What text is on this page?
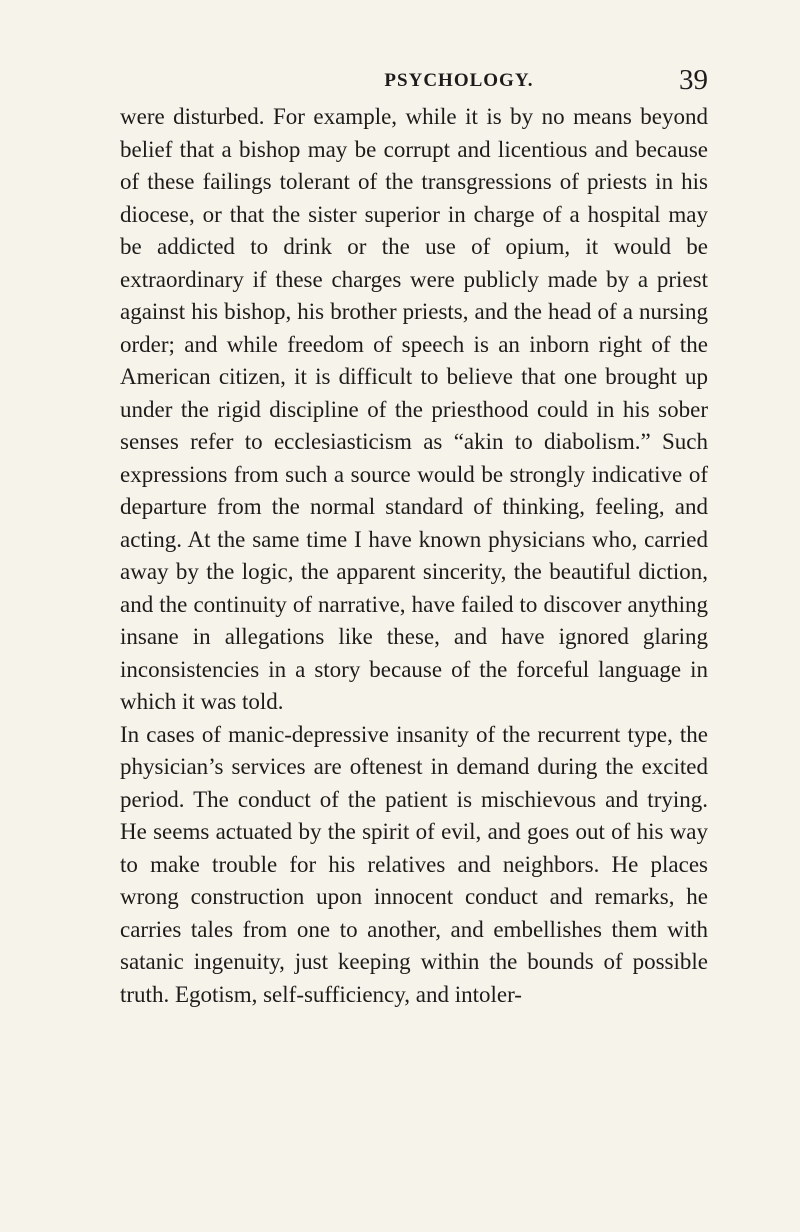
PSYCHOLOGY.	39

were disturbed. For example, while it is by no means beyond belief that a bishop may be corrupt and licentious and because of these failings tolerant of the transgressions of priests in his diocese, or that the sister superior in charge of a hospital may be addicted to drink or the use of opium, it would be extraordinary if these charges were publicly made by a priest against his bishop, his brother priests, and the head of a nursing order; and while freedom of speech is an inborn right of the American citizen, it is difficult to believe that one brought up under the rigid discipline of the priesthood could in his sober senses refer to ecclesiasticism as “akin to diabolism.” Such expressions from such a source would be strongly indicative of departure from the normal standard of thinking, feeling, and acting. At the same time I have known physicians who, carried away by the logic, the apparent sincerity, the beautiful diction, and the continuity of narrative, have failed to discover anything insane in allegations like these, and have ignored glaring inconsistencies in a story because of the forceful language in which it was told.

In cases of manic-depressive insanity of the recurrent type, the physician’s services are oftenest in demand during the excited period. The conduct of the patient is mischievous and trying. He seems actuated by the spirit of evil, and goes out of his way to make trouble for his relatives and neighbors. He places wrong construction upon innocent conduct and remarks, he carries tales from one to another, and embellishes them with satanic ingenuity, just keeping within the bounds of possible truth. Egotism, self-sufficiency, and intoler-
